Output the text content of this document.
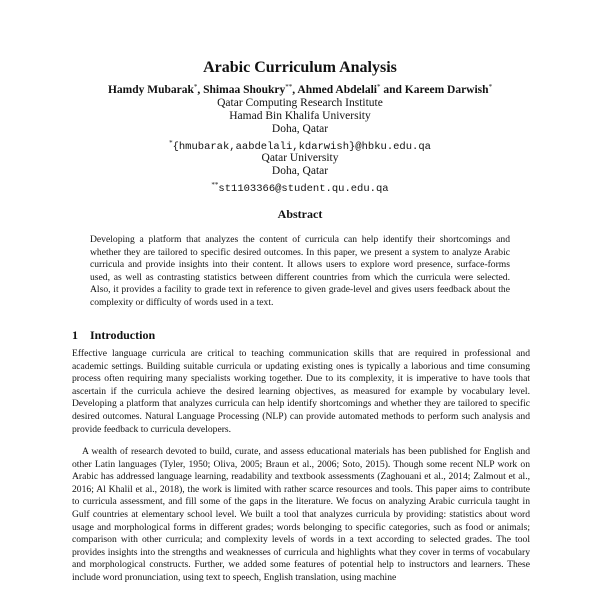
Arabic Curriculum Analysis
Hamdy Mubarak*, Shimaa Shoukry**, Ahmed Abdelali* and Kareem Darwish*
Qatar Computing Research Institute
Hamad Bin Khalifa University
Doha, Qatar
*{hmubarak,aabdelali,kdarwish}@hbku.edu.qa
Qatar University
Doha, Qatar
**st1103366@student.qu.edu.qa
Abstract

Developing a platform that analyzes the content of curricula can help identify their shortcomings and whether they are tailored to specific desired outcomes. In this paper, we present a system to analyze Arabic curricula and provide insights into their content. It allows users to explore word presence, surface-forms used, as well as contrasting statistics between different countries from which the curricula were selected. Also, it provides a facility to grade text in reference to given grade-level and gives users feedback about the complexity or difficulty of words used in a text.

1 Introduction

Effective language curricula are critical to teaching communication skills that are required in professional and academic settings. Building suitable curricula or updating existing ones is typically a laborious and time consuming process often requiring many specialists working together. Due to its complexity, it is imperative to have tools that ascertain if the curricula achieve the desired learning objectives, as measured for example by vocabulary level. Developing a platform that analyzes curricula can help identify shortcomings and whether they are tailored to specific desired outcomes. Natural Language Processing (NLP) can provide automated methods to perform such analysis and provide feedback to curricula developers.

A wealth of research devoted to build, curate, and assess educational materials has been published for English and other Latin languages (Tyler, 1950; Oliva, 2005; Braun et al., 2006; Soto, 2015). Though some recent NLP work on Arabic has addressed language learning, readability and textbook assessments (Zaghouani et al., 2014; Zalmout et al., 2016; Al Khalil et al., 2018), the work is limited with rather scarce resources and tools. This paper aims to contribute to curricula assessment, and fill some of the gaps in the literature. We focus on analyzing Arabic curricula taught in Gulf countries at elementary school level. We built a tool that analyzes curricula by providing: statistics about word usage and morphological forms in different grades; words belonging to specific categories, such as food or animals; comparison with other curricula; and complexity levels of words in a text according to selected grades. The tool provides insights into the strengths and weaknesses of curricula and highlights what they cover in terms of vocabulary and morphological constructs. Further, we added some features of potential help to instructors and learners. These include word pronunciation, using text to speech, English translation, using machine
